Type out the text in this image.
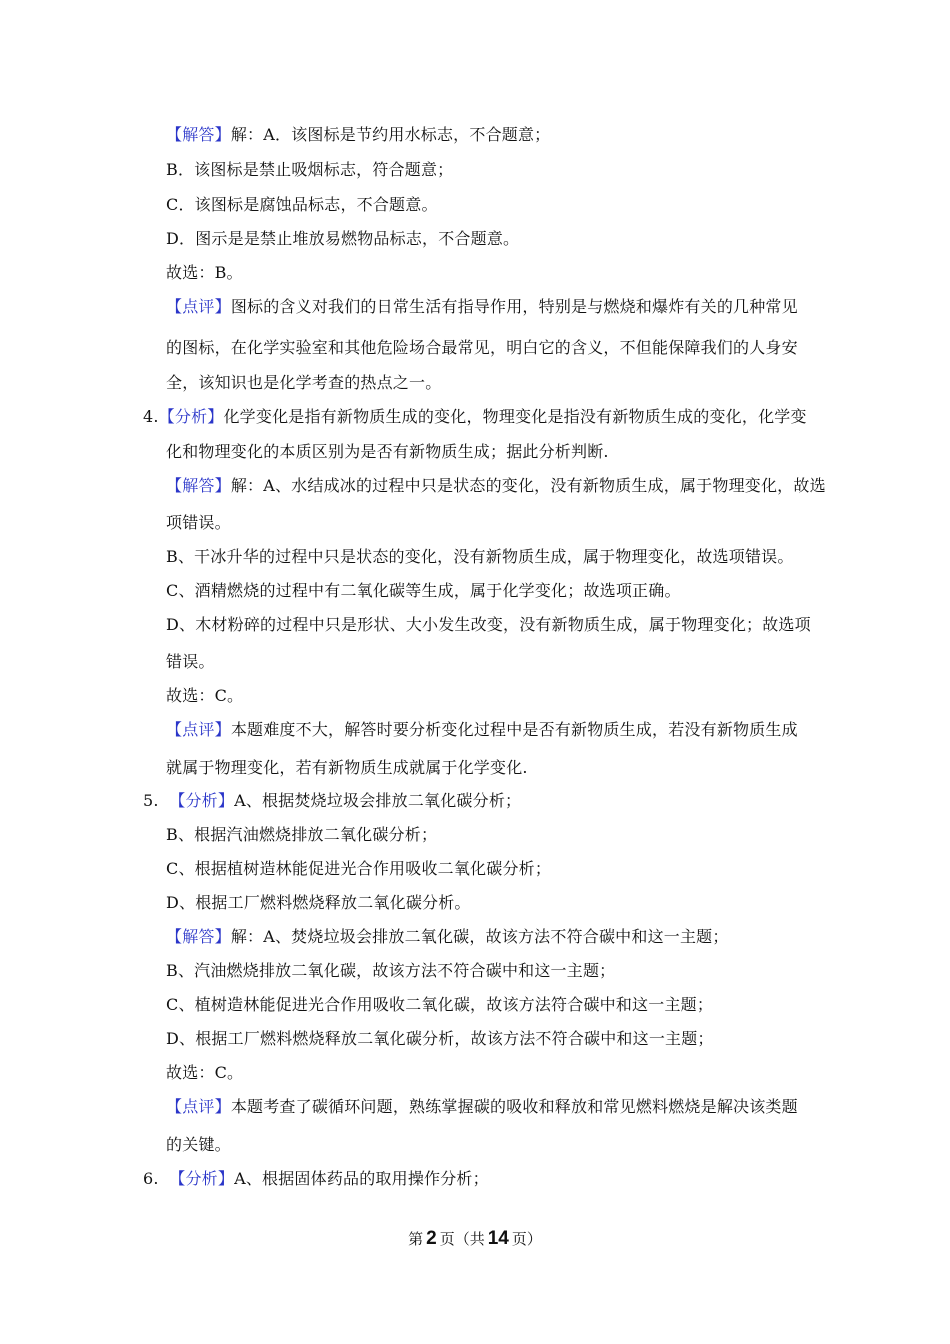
【解答】解：A．该图标是节约用水标志，不合题意；
B．该图标是禁止吸烟标志，符合题意；
C．该图标是腐蚀品标志，不合题意。
D．图示是是禁止堆放易燃物品标志，不合题意。
故选：B。
【点评】图标的含义对我们的日常生活有指导作用，特别是与燃烧和爆炸有关的几种常见
的图标，在化学实验室和其他危险场合最常见，明白它的含义，不但能保障我们的人身安
全，该知识也是化学考查的热点之一。
4.【分析】化学变化是指有新物质生成的变化，物理变化是指没有新物质生成的变化，化学变
化和物理变化的本质区别为是否有新物质生成；据此分析判断.
【解答】解：A、水结成冰的过程中只是状态的变化，没有新物质生成，属于物理变化，故选
项错误。
B、干冰升华的过程中只是状态的变化，没有新物质生成，属于物理变化，故选项错误。
C、酒精燃烧的过程中有二氧化碳等生成，属于化学变化；故选项正确。
D、木材粉碎的过程中只是形状、大小发生改变，没有新物质生成，属于物理变化；故选项
错误。
故选：C。
【点评】本题难度不大，解答时要分析变化过程中是否有新物质生成，若没有新物质生成
就属于物理变化，若有新物质生成就属于化学变化.
5. 【分析】A、根据焚烧垃圾会排放二氧化碳分析；
B、根据汽油燃烧排放二氧化碳分析；
C、根据植树造林能促进光合作用吸收二氧化碳分析；
D、根据工厂燃料燃烧释放二氧化碳分析。
【解答】解：A、焚烧垃圾会排放二氧化碳，故该方法不符合碳中和这一主题；
B、汽油燃烧排放二氧化碳，故该方法不符合碳中和这一主题；
C、植树造林能促进光合作用吸收二氧化碳，故该方法符合碳中和这一主题；
D、根据工厂燃料燃烧释放二氧化碳分析，故该方法不符合碳中和这一主题；
故选：C。
【点评】本题考查了碳循环问题，熟练掌握碳的吸收和释放和常见燃料燃烧是解决该类题
的关键。
6. 【分析】A、根据固体药品的取用操作分析；
第 2 页（共 14 页）
